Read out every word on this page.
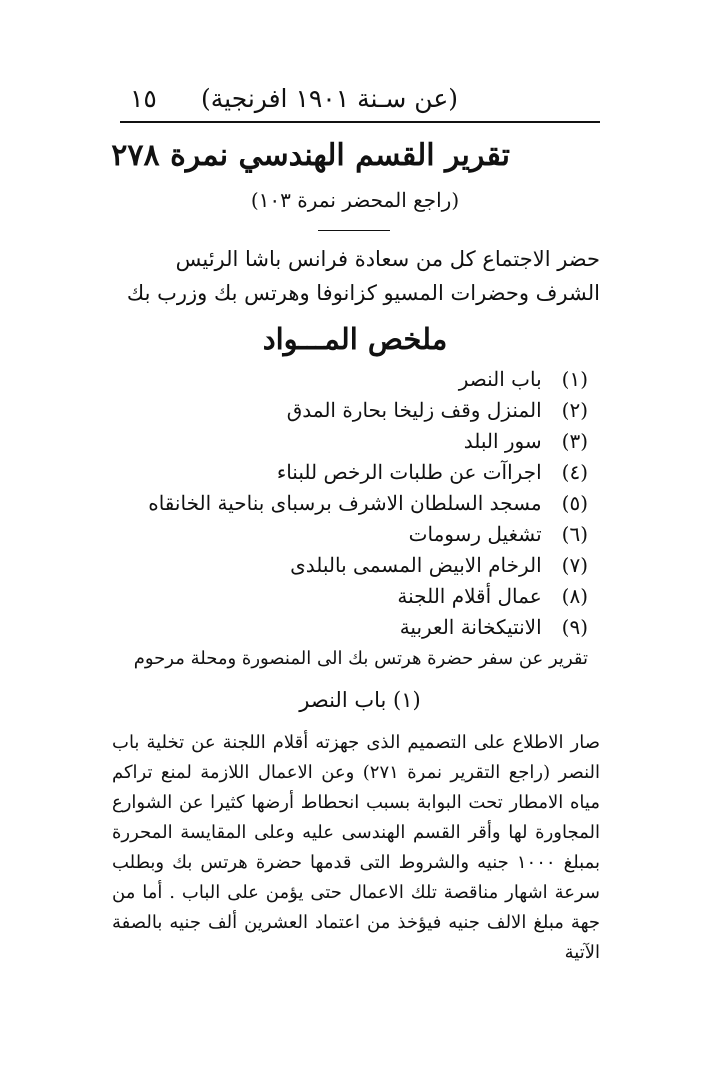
(عن سـنة ١٩٠١ افرنجية)
١٥
تقرير القسم الهندسي نمرة ٢٧٨
(راجع المحضر نمرة ١٠٣)
حضر الاجتماع كل من سعادة فرانس باشا الرئيس الشرف وحضرات المسيو كزانوفا وهرتس بك وزرب بك
ملخص المـــواد
(١) باب النصر
(٢) المنزل وقف زليخا بحارة المدق
(٣) سور البلد
(٤) اجراآت عن طلبات الرخص للبناء
(٥) مسجد السلطان الاشرف برسباى بناحية الخانقاه
(٦) تشغيل رسومات
(٧) الرخام الابيض المسمى بالبلدى
(٨) عمال أقلام اللجنة
(٩) الانتيكخانة العربية
تقرير عن سفر حضرة هرتس بك الى المنصورة ومحلة مرحوم
(١) باب النصر

صار الاطلاع على التصميم الذى جهزته أقلام اللجنة عن تخلية باب النصر (راجع التقرير نمرة ٢٧١) وعن الاعمال اللازمة لمنع تراكم مياه الامطار تحت البوابة بسبب انحطاط أرضها كثيرا عن الشوارع المجاورة لها وأقر القسم الهندسى عليه وعلى المقايسة المحررة بمبلغ ١٠٠٠ جنيه والشروط التى قدمها حضرة هرتس بك وبطلب سرعة اشهار مناقصة تلك الاعمال حتى يؤمن على الباب . أما من جهة مبلغ الالف جنيه فيؤخذ من اعتماد العشرين ألف جنيه بالصفة الآتية
